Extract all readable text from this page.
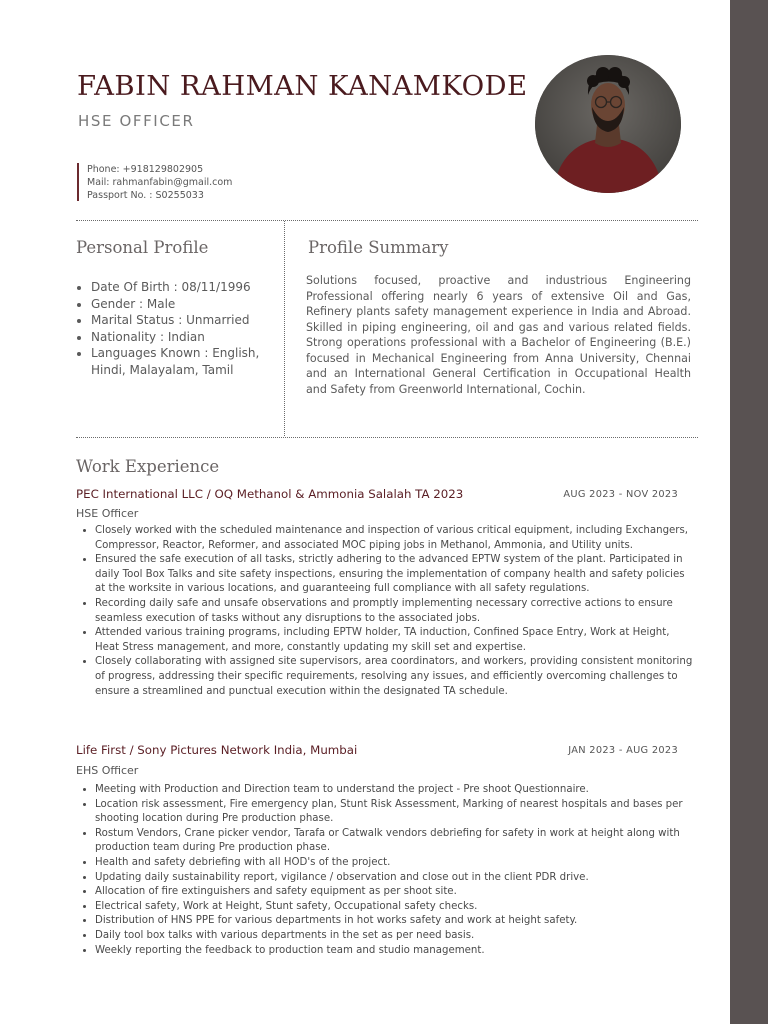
FABIN RAHMAN KANAMKODE
HSE OFFICER
Phone: +918129802905
Mail: rahmanfabin@gmail.com
Passport No. : S0255033
Personal Profile
• Date Of Birth : 08/11/1996
• Gender : Male
• Marital Status : Unmarried
• Nationality : Indian
• Languages Known : English, Hindi, Malayalam, Tamil
Profile Summary

Solutions focused, proactive and industrious Engineering Professional offering nearly 6 years of extensive Oil and Gas, Refinery plants safety management experience in India and Abroad. Skilled in piping engineering, oil and gas and various related fields. Strong operations professional with a Bachelor of Engineering (B.E.) focused in Mechanical Engineering from Anna University, Chennai and an International General Certification in Occupational Health and Safety from Greenworld International, Cochin.

Work Experience
PEC International LLC / OQ Methanol & Ammonia Salalah TA 2023	AUG 2023 - NOV 2023
HSE Officer
• Closely worked with the scheduled maintenance and inspection of various critical equipment, including Exchangers, Compressor, Reactor, Reformer, and associated MOC piping jobs in Methanol, Ammonia, and Utility units.
• Ensured the safe execution of all tasks, strictly adhering to the advanced EPTW system of the plant. Participated in daily Tool Box Talks and site safety inspections, ensuring the implementation of company health and safety policies at the worksite in various locations, and guaranteeing full compliance with all safety regulations.
• Recording daily safe and unsafe observations and promptly implementing necessary corrective actions to ensure seamless execution of tasks without any disruptions to the associated jobs.
• Attended various training programs, including EPTW holder, TA induction, Confined Space Entry, Work at Height, Heat Stress management, and more, constantly updating my skill set and expertise.
• Closely collaborating with assigned site supervisors, area coordinators, and workers, providing consistent monitoring of progress, addressing their specific requirements, resolving any issues, and efficiently overcoming challenges to ensure a streamlined and punctual execution within the designated TA schedule.
Life First / Sony Pictures Network India, Mumbai	JAN 2023 - AUG 2023
EHS Officer
• Meeting with Production and Direction team to understand the project - Pre shoot Questionnaire.
• Location risk assessment, Fire emergency plan, Stunt Risk Assessment, Marking of nearest hospitals and bases per shooting location during Pre production phase.
• Rostum Vendors, Crane picker vendor, Tarafa or Catwalk vendors debriefing for safety in work at height along with production team during Pre production phase.
• Health and safety debriefing with all HOD's of the project.
• Updating daily sustainability report, vigilance / observation and close out in the client PDR drive.
• Allocation of fire extinguishers and safety equipment as per shoot site.
• Electrical safety, Work at Height, Stunt safety, Occupational safety checks.
• Distribution of HNS PPE for various departments in hot works safety and work at height safety.
• Daily tool box talks with various departments in the set as per need basis.
• Weekly reporting the feedback to production team and studio management.
